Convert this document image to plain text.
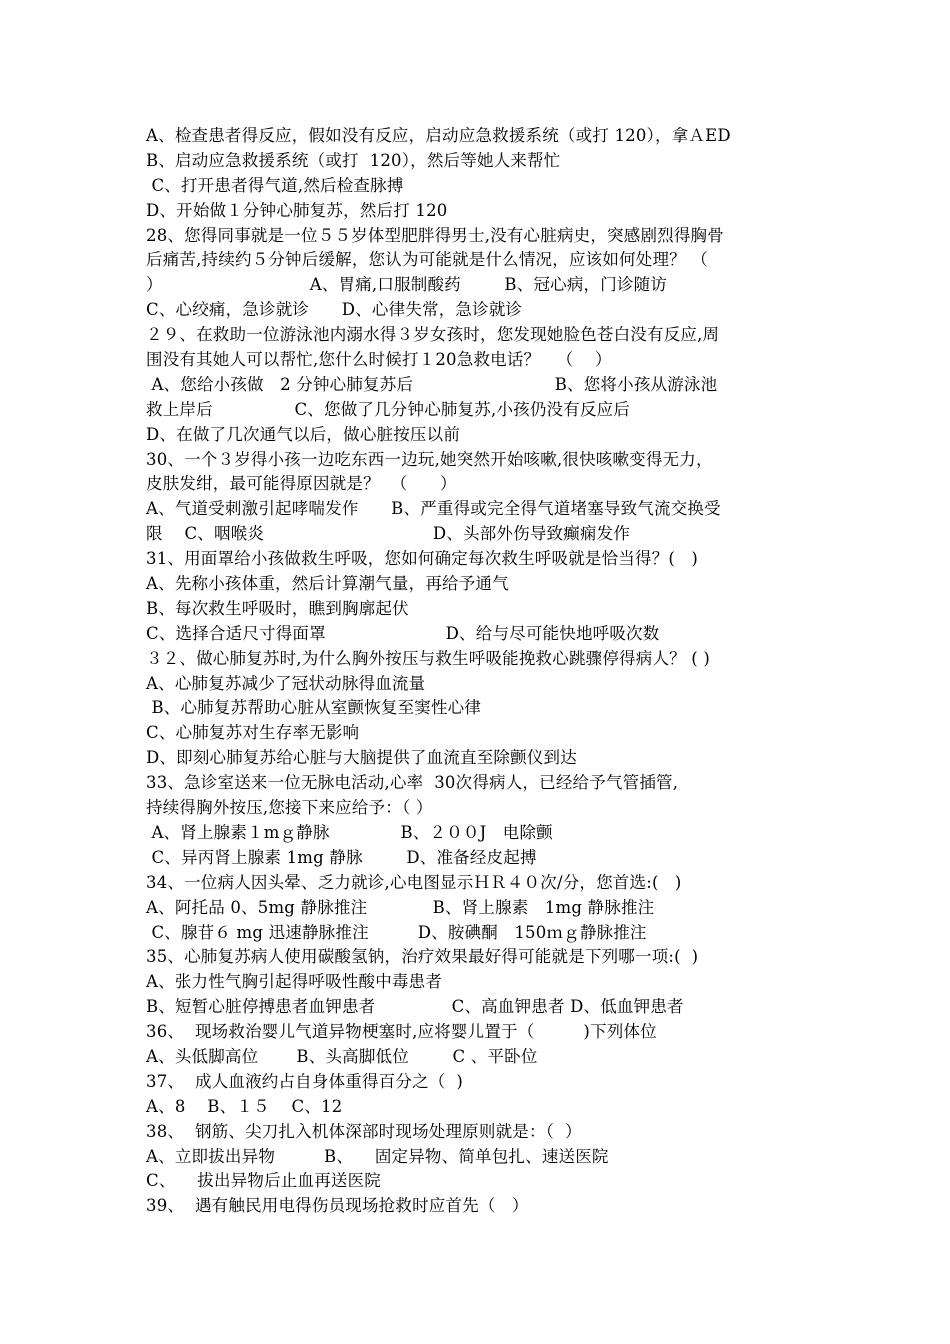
A、检查患者得反应，假如没有反应，启动应急救援系统（或打 120），拿ＡED
B、启动应急救援系统（或打  120），然后等她人来帮忙
C、打开患者得气道,然后检查脉搏
D、开始做１分钟心肺复苏，然后打 120
28、您得同事就是一位５５岁体型肥胖得男士,没有心脏病史，突感剧烈得胸骨
后痛苦,持续约５分钟后缓解，您认为可能就是什么情况，应该如何处理？ （
）                           A、胃痛,口服制酸药        B、冠心病，门诊随访
C、心绞痛，急诊就诊      D、心律失常，急诊就诊
２９、在救助一位游泳池内溺水得３岁女孩时，您发现她脸色苍白没有反应,周
围没有其她人可以帮忙,您什么时候打１20急救电话？   （    ）
A、您给小孩做   2 分钟心肺复苏后                          B、您将小孩从游泳池
救上岸后               C、您做了几分钟心肺复苏,小孩仍没有反应后
D、在做了几次通气以后，做心脏按压以前
30、一个３岁得小孩一边吃东西一边玩,她突然开始咳嗽,很快咳嗽变得无力，
皮肤发绀，最可能得原因就是？  （      ）
A、气道受刺激引起哮喘发作      B、严重得或完全得气道堵塞导致气流交换受
限    C、咽喉炎                               D、头部外伤导致癫痫发作
31、用面罩给小孩做救生呼吸，您如何确定每次救生呼吸就是恰当得？(   )
A、先称小孩体重，然后计算潮气量，再给予通气
B、每次救生呼吸时，瞧到胸廓起伏
C、选择合适尺寸得面罩                      D、给与尽可能快地呼吸次数
３２、做心肺复苏时,为什么胸外按压与救生呼吸能挽救心跳骤停得病人？ ( )
A、心肺复苏减少了冠状动脉得血流量
B、心肺复苏帮助心脏从室颤恢复至窦性心律
C、心肺复苏对生存率无影响
D、即刻心肺复苏给心脏与大脑提供了血流直至除颤仪到达
33、急诊室送来一位无脉电活动,心率  30次得病人，已经给予气管插管,
持续得胸外按压,您接下来应给予：（ ）
A、肾上腺素１mｇ静脉             B、２００J   电除颤
C、异丙肾上腺素 1mg 静脉        D、准备经皮起搏
34、一位病人因头晕、乏力就诊,心电图显示ＨＲ４０次/分，您首选:(   )
A、阿托品 0、5mg 静脉推注            B、肾上腺素   1mg 静脉推注
C、腺苷６ mg 迅速静脉推注         D、胺碘酮   150ｍｇ静脉推注
35、心肺复苏病人使用碳酸氢钠，治疗效果最好得可能就是下列哪一项:(  )
A、张力性气胸引起得呼吸性酸中毒患者
B、短暂心脏停搏患者血钾患者              C、高血钾患者 D、低血钾患者
36、  现场救治婴儿气道异物梗塞时,应将婴儿置于（         )下列体位
A、头低脚高位       B、头高脚低位        C 、平卧位
37、  成人血液约占自身体重得百分之（  )
A、8    B、１５    C、12
38、  钢筋、尖刀扎入机体深部时现场处理原则就是：（  ）
A、立即拔出异物         B、    固定异物、简单包扎、速送医院
C、    拔出异物后止血再送医院
39、  遇有触民用电得伤员现场抢救时应首先（   ）
